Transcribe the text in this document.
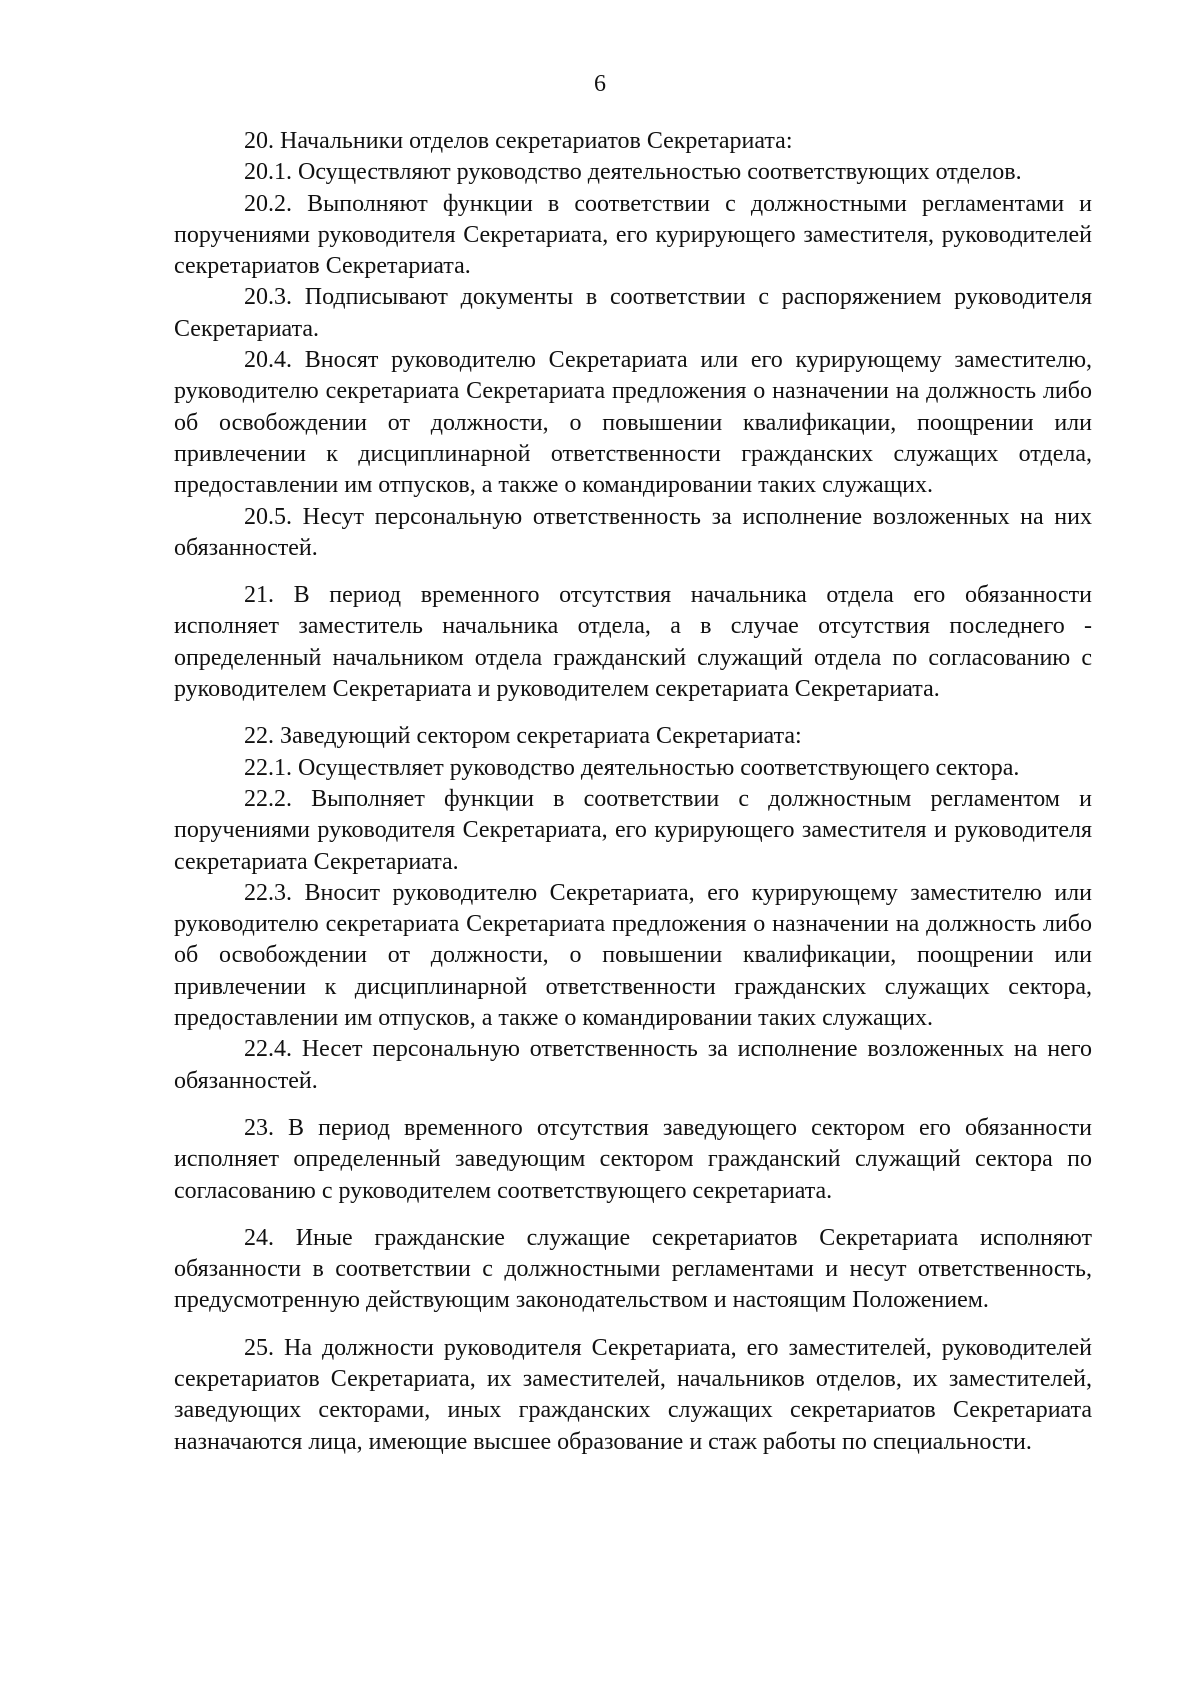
6

20. Начальники отделов секретариатов Секретариата:

20.1. Осуществляют руководство деятельностью соответствующих отделов.

20.2. Выполняют функции в соответствии с должностными регламентами и поручениями руководителя Секретариата, его курирующего заместителя, руководителей секретариатов Секретариата.

20.3. Подписывают документы в соответствии с распоряжением руководителя Секретариата.

20.4. Вносят руководителю Секретариата или его курирующему заместителю, руководителю секретариата Секретариата предложения о назначении на должность либо об освобождении от должности, о повышении квалификации, поощрении или привлечении к дисциплинарной ответственности гражданских служащих отдела, предоставлении им отпусков, а также о командировании таких служащих.

20.5. Несут персональную ответственность за исполнение возложенных на них обязанностей.

21. В период временного отсутствия начальника отдела его обязанности исполняет заместитель начальника отдела, а в случае отсутствия последнего - определенный начальником отдела гражданский служащий отдела по согласованию с руководителем Секретариата и руководителем секретариата Секретариата.

22. Заведующий сектором секретариата Секретариата:

22.1. Осуществляет руководство деятельностью соответствующего сектора.

22.2. Выполняет функции в соответствии с должностным регламентом и поручениями руководителя Секретариата, его курирующего заместителя и руководителя секретариата Секретариата.

22.3. Вносит руководителю Секретариата, его курирующему заместителю или руководителю секретариата Секретариата предложения о назначении на должность либо об освобождении от должности, о повышении квалификации, поощрении или привлечении к дисциплинарной ответственности гражданских служащих сектора, предоставлении им отпусков, а также о командировании таких служащих.

22.4. Несет персональную ответственность за исполнение возложенных на него обязанностей.

23. В период временного отсутствия заведующего сектором его обязанности исполняет определенный заведующим сектором гражданский служащий сектора по согласованию с руководителем соответствующего секретариата.

24. Иные гражданские служащие секретариатов Секретариата исполняют обязанности в соответствии с должностными регламентами и несут ответственность, предусмотренную действующим законодательством и настоящим Положением.

25. На должности руководителя Секретариата, его заместителей, руководителей секретариатов Секретариата, их заместителей, начальников отделов, их заместителей, заведующих секторами, иных гражданских служащих секретариатов Секретариата назначаются лица, имеющие высшее образование и стаж работы по специальности.
